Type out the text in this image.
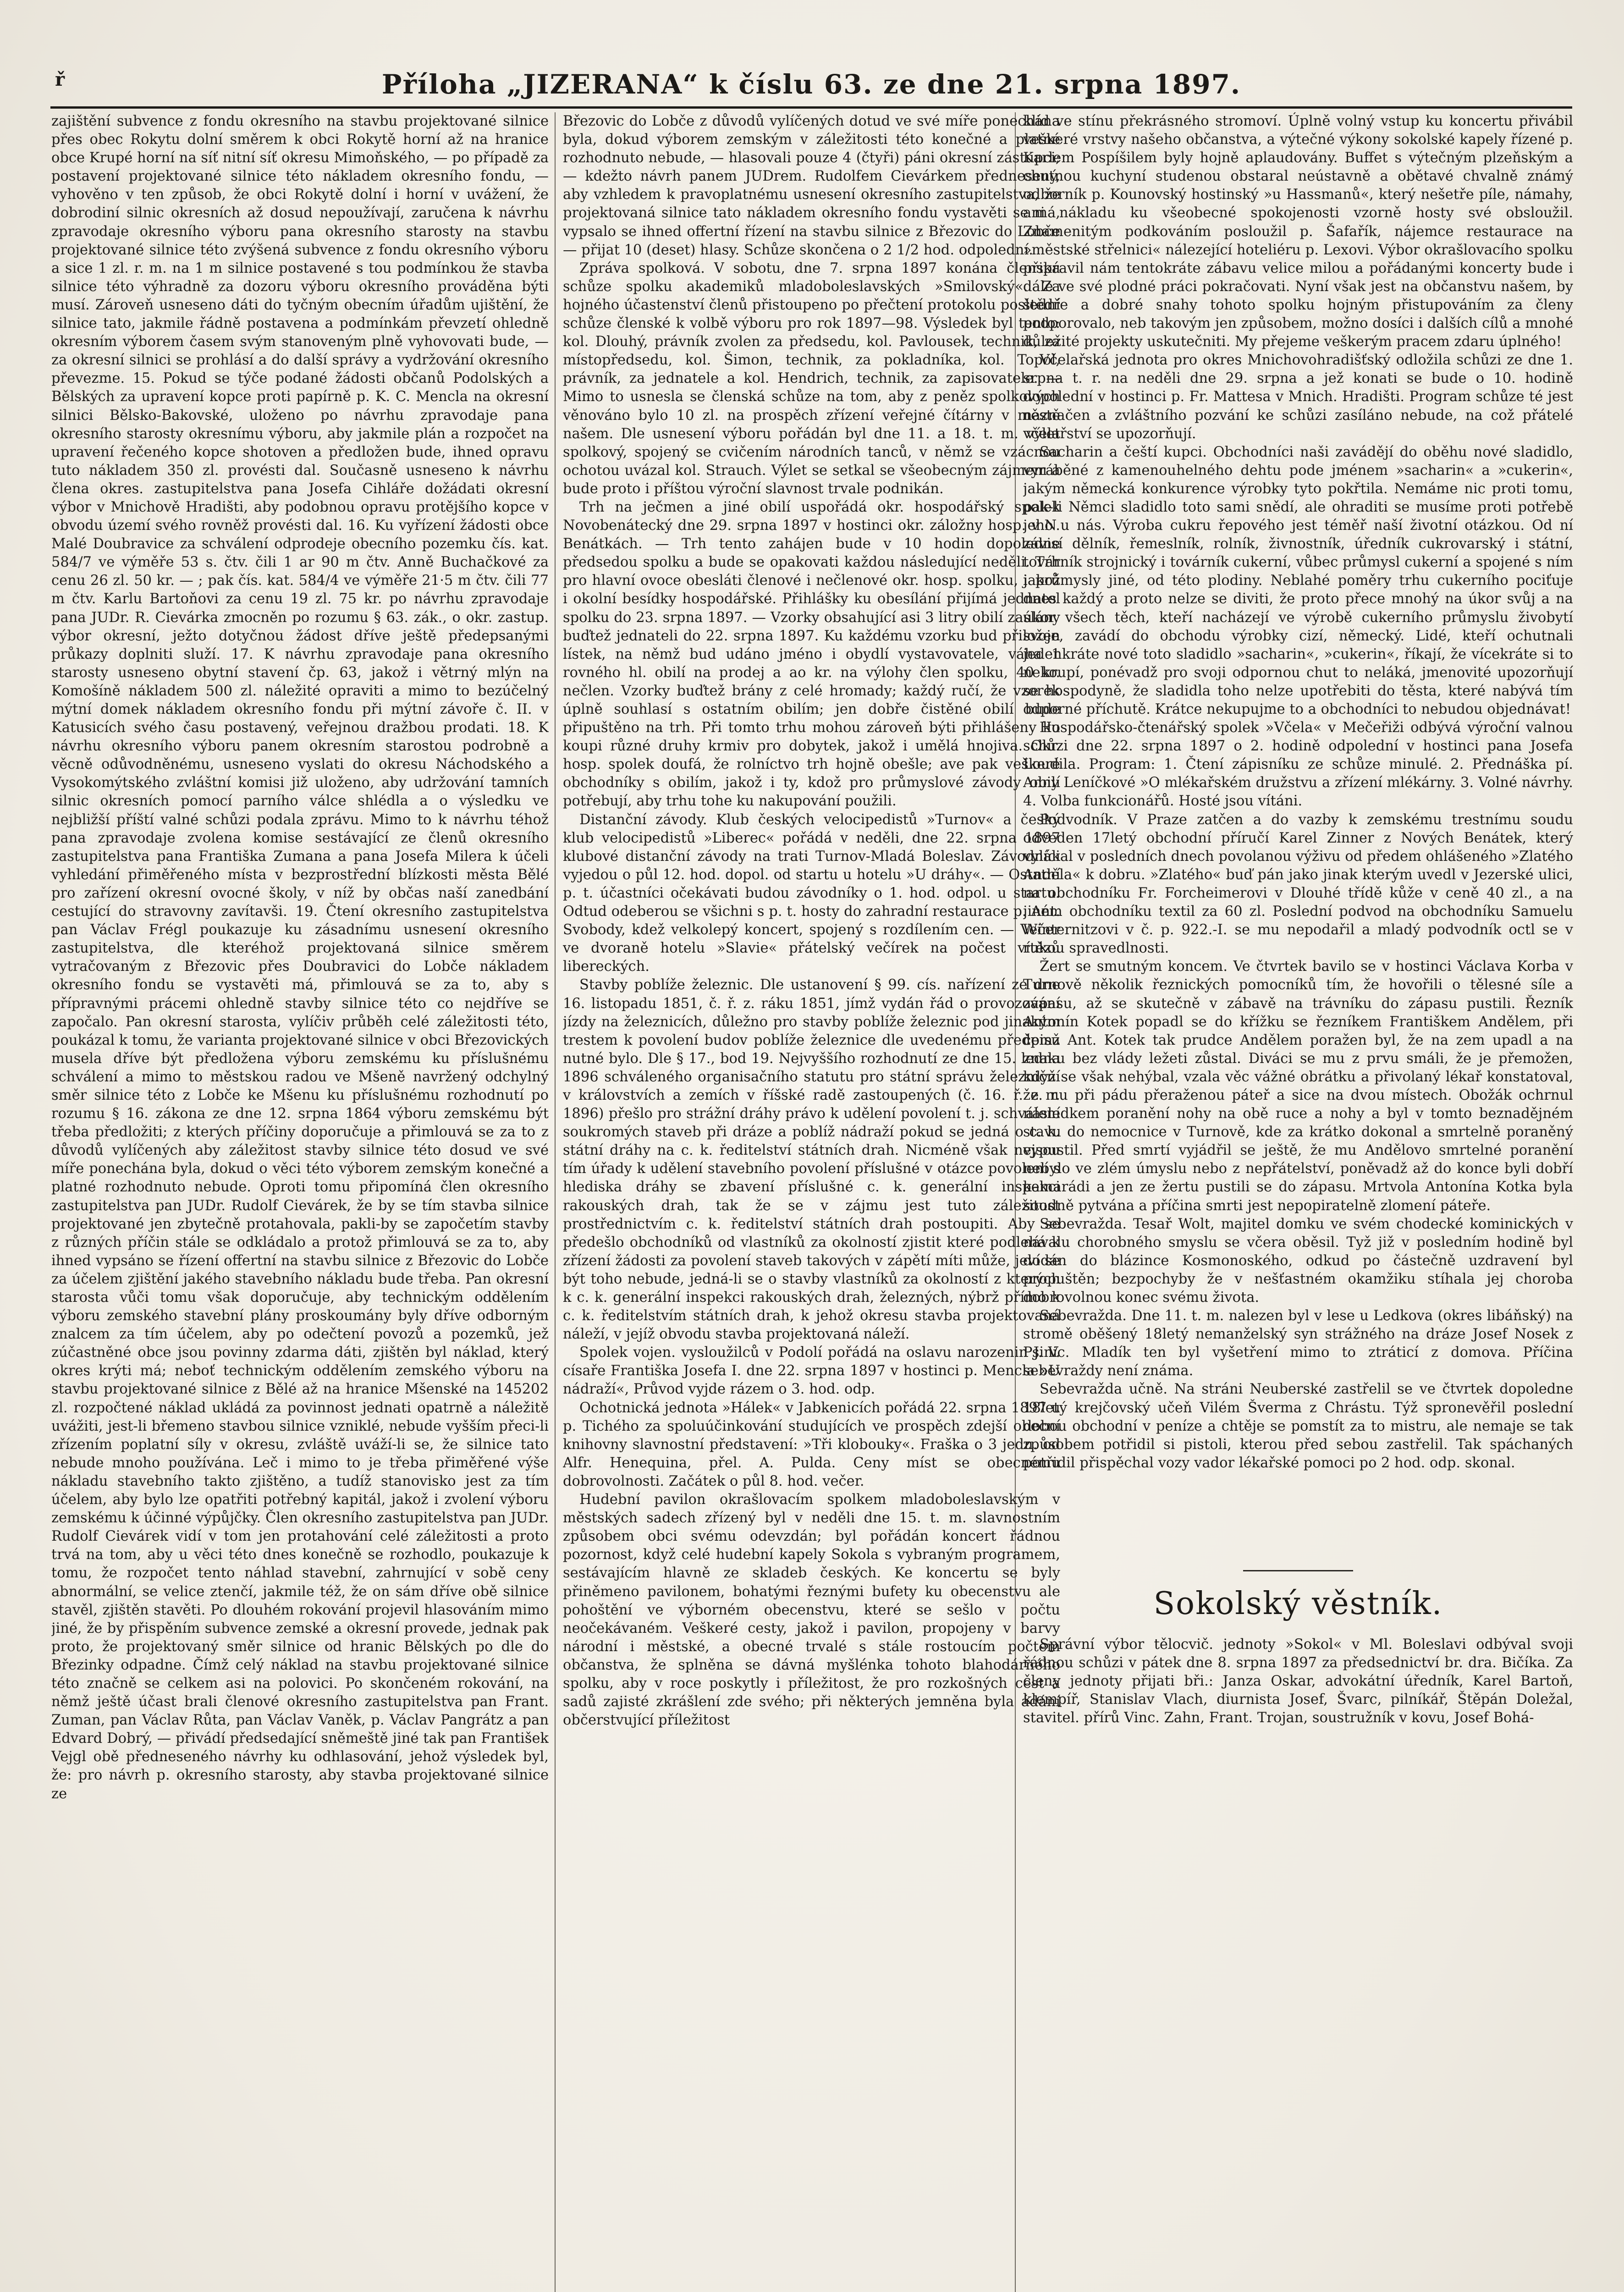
ř	Příloha „JIZERANA“ k číslu 63. ze dne 21. srpna 1897.

zajištění subvence z fondu okresního na stavbu projektované silnice přes obec Rokytu dolní směrem k obci Rokytě horní až na hranice obce Krupé horní na síť nitní síť okresu Mimoňského, — po případě za postavení projektované silnice této nákladem okresního fondu, — vyhověno v ten způsob, že obci Rokytě dolní i horní v uvážení, že dobrodiní silnic okresních až dosud nepoužívají, zaručena k návrhu zpravodaje okresního výboru pana okresního starosty na stavbu projektované silnice této zvýšená subvence z fondu okresního výboru a sice 1 zl. r. m. na 1 m silnice postavené s tou podmínkou že stavba silnice této výhradně za dozoru výboru okresního prováděna býti musí. Zároveň usneseno dáti do tyčným obecním úřadům ujištění, že silnice tato, jakmile řádně postavena a podmínkám převzetí ohledně okresním výborem časem svým stanoveným plně vyhovovati bude, — za okresní silnici se prohlásí a do další správy a vydržování okresního převezme. 15. Pokud se týče podané žádosti občanů Podolských a Bělských za upravení kopce proti papírně p. K. C. Mencla na okresní silnici Bělsko-Bakovské, uloženo po návrhu zpravodaje pana okresního starosty okresnímu výboru, aby jakmile plán a rozpočet na upravení řečeného kopce shotoven a předložen bude, ihned opravu tuto nákladem 350 zl. provésti dal. Současně usneseno k návrhu člena okres. zastupitelstva pana Josefa Cihláře dožádati okresní výbor v Mnichově Hradišti, aby podobnou opravu protějšího kopce v obvodu území svého rovněž provésti dal. 16. Ku vyřízení žádosti obce Malé Doubravice za schválení odprodeje obecního pozemku čís. kat. 584/7 ve výměře 53 s. čtv. čili 1 ar 90 m čtv. Anně Buchačkové za cenu 26 zl. 50 kr. — ; pak čís. kat. 584/4 ve výměře 21·5 m čtv. čili 77 m čtv. Karlu Bartoňovi za cenu 19 zl. 75 kr. po návrhu zpravodaje pana JUDr. R. Cievárka zmocněn po rozumu § 63. zák., o okr. zastup. výbor okresní, ježto dotyčnou žádost dříve ještě předepsanými průkazy doplniti služí. 17. K návrhu zpravodaje pana okresního starosty usneseno obytní stavení čp. 63, jakož i větrný mlýn na Komošíně nákladem 500 zl. náležité opraviti a mimo to bezúčelný mýtní domek nákladem okresního fondu při mýtní závoře č. II. v Katusicích svého času postavený, veřejnou dražbou prodati. 18. K návrhu okresního výboru panem okresním starostou podrobně a věcně odůvodněnému, usneseno vyslati do okresu Náchodského a Vysokomýtského zvláštní komisi již uloženo, aby udržování tamních silnic okresních pomocí parního válce shlédla a o výsledku ve nejbližší příští valné schůzi podala zprávu. Mimo to k návrhu téhož pana zpravodaje zvolena komise sestávající ze členů okresního zastupitelstva pana Františka Zumana a pana Josefa Milera k účeli vyhledání přiměřeného místa v bezprostřední blízkosti města Bělé pro zařízení okresní ovocné školy, v níž by občas naší zanedbání cestující do stravovny zavítavši. 19. Čtení okresního zastupitelstva pan Václav Frégl poukazuje ku zásadnímu usnesení okresního zastupitelstva, dle kteréhož projektovaná silnice směrem vytračovaným z Březovic přes Doubravici do Lobče nákladem okresního fondu se vystavěti má, přimlouvá se za to, aby s přípravnými prácemi ohledně stavby silnice této co nejdříve se započalo. Pan okresní starosta, vylíčiv průběh celé záležitosti této, poukázal k tomu, že varianta projektované silnice v obci Březovických musela dříve být předložena výboru zemskému ku příslušnému schválení a mimo to městskou radou ve Mšeně navržený odchylný směr silnice této z Lobče ke Mšenu ku příslušnému rozhodnutí po rozumu § 16. zákona ze dne 12. srpna 1864 výboru zemskému být třeba předložiti; z kterých příčiny doporučuje a přimlouvá se za to z důvodů vylíčených aby záležitost stavby silnice této dosud ve své míře ponechána byla, dokud o věci této výborem zemským konečné a platné rozhodnuto nebude. Oproti tomu připomíná člen okresního zastupitelstva pan JUDr. Rudolf Cievárek, že by se tím stavba silnice projektované jen zbytečně protahovala, pakli-by se započetím stavby z různých příčin stále se odkládalo a protož přimlouvá se za to, aby ihned vypsáno se řízení offertní na stavbu silnice z Březovic do Lobče za účelem zjištění jakého stavebního nákladu bude třeba. Pan okresní starosta vůči tomu však doporučuje, aby technickým oddělením výboru zemského stavební plány proskoumány byly dříve odborným znalcem za tím účelem, aby po odečtení povozů a pozemků, jež zúčastněné obce jsou povinny zdarma dáti, zjištěn byl náklad, který okres krýti má; neboť technickým oddělením zemského výboru na stavbu projektované silnice z Bělé až na hranice Mšenské na 145202 zl. rozpočtené náklad ukládá za povinnost jednati opatrně a náležitě uvážiti, jest-li břemeno stavbou silnice vzniklé, nebude vyšším přeci-li zřízením poplatní síly v okresu, zvláště uváží-li se, že silnice tato nebude mnoho používána. Leč i mimo to je třeba přiměřené výše nákladu stavebního takto zjištěno, a tudíž stanovisko jest za tím účelem, aby bylo lze opatřiti potřebný kapitál, jakož i zvolení výboru zemskému k účinné výpůjčky. Člen okresního zastupitelstva pan JUDr. Rudolf Cievárek vidí v tom jen protahování celé záležitosti a proto trvá na tom, aby u věci této dnes konečně se rozhodlo, poukazuje k tomu, že rozpočet tento náhlad stavební, zahrnující v sobě ceny abnormální, se velice ztenčí, jakmile též, že on sám dříve obě silnice stavěl, zjištěn stavěti. Po dlouhém rokování projevil hlasováním mimo jiné, že by přispěním subvence zemské a okresní provede, jednak pak proto, že projektovaný směr silnice od hranic Bělských po dle do Březinky odpadne. Čímž celý náklad na stavbu projektované silnice této značně se celkem asi na polovici. Po skončeném rokování, na němž ještě účast brali členové okresního zastupitelstva pan Frant. Zuman, pan Václav Růta, pan Václav Vaněk, p. Václav Pangrátz a pan Edvard Dobrý, — přivádí předsedající sněmeště jiné tak pan František Vejgl obě předneseného návrhy ku odhlasování, jehož výsledek byl, že: pro návrh p. okresního starosty, aby stavba projektované silnice ze

Březovic do Lobče z důvodů vylíčených dotud ve své míře ponechána byla, dokud výborem zemským v záležitosti této konečné a platné rozhodnuto nebude, — hlasovali pouze 4 (čtyři) páni okresní zástupci; — kdežto návrh panem JUDrem. Rudolfem Cievárkem přednesený, aby vzhledem k pravoplatnému usnesení okresního zastupitelstva, že projektovaná silnice tato nákladem okresního fondu vystavěti se má, vypsalo se ihned offertní řízení na stavbu silnice z Březovic do Lobče — přijat 10 (deset) hlasy. Schůze skončena o 2 1/2 hod. odpolední.

Zpráva spolková. V sobotu, dne 7. srpna 1897 konána členská schůze spolku akademiků mladoboleslavských »Smilovský«. Za hojného účastenství členů přistoupeno po přečtení protokolu poslední schůze členské k volbě výboru pro rok 1897—98. Výsledek byl tento: kol. Dlouhý, právník zvolen za předsedu, kol. Pavlousek, technik, za místopředsedu, kol. Šimon, technik, za pokladníka, kol. Topol, právník, za jednatele a kol. Hendrich, technik, za zapisovatele. — Mimo to usnesla se členská schůze na tom, aby z peněz spolkových věnováno bylo 10 zl. na prospěch zřízení veřejné čítárny v městě našem. Dle usnesení výboru pořádán byl dne 11. a 18. t. m. výlet spolkový, spojený se cvičením národních tanců, v němž se vzácnou ochotou uvázal kol. Strauch. Výlet se setkal se všeobecným zájmem a bude proto i příštou výroční slavnost trvale podnikán.

Trh na ječmen a jiné obilí uspořádá okr. hospodářský spolek Novobenátecký dne 29. srpna 1897 v hostinci okr. záložny hosp. v N. Benátkách. — Trh tento zahájen bude v 10 hodin dopoledne předsedou spolku a bude se opakovati každou následující neděli. Trh pro hlavní ovoce obesláti členové i nečlenové okr. hosp. spolku, jakož i okolní besídky hospodářské. Přihlášky ku obesílání přijímá jednatel spolku do 23. srpna 1897. — Vzorky obsahující asi 3 litry obilí zaslány buďtež jednateli do 22. srpna 1897. Ku každému vzorku bud přiložen lístek, na němž bud udáno jméno i obydlí vystavovatele, váha 1 rovného hl. obilí na prodej a ao kr. na výlohy člen spolku, 40 kr. nečlen. Vzorky buďtež brány z celé hromady; každý ručí, že vzorek úplně souhlasí s ostatním obilím; jen dobře čistěné obilí bude připuštěno na trh. Při tomto trhu mohou zároveň býti přihlášeny ku koupi různé druhy krmiv pro dobytek, jakož i umělá hnojiva. Okr. hosp. spolek doufá, že rolníctvo trh hojně obešle; ave pak veškeré obchodníky s obilím, jakož i ty, kdož pro průmyslové závody obilí potřebují, aby trhu tohe ku nakupování použili.

Distanční závody. Klub českých velocipedistů »Turnov« a český klub velocipedistů »Liberec« pořádá v neděli, dne 22. srpna 1897 klubové distanční závody na trati Turnov-Mladá Boleslav. Závodníci vyjedou o půl 12. hod. dopol. od startu u hotelu »U dráhy«. — Ostatní p. t. účastníci očekávati budou závodníky o 1. hod. odpol. u startu. Odtud odeberou se všichni s p. t. hosty do zahradní restaurace p. Ant. Svobody, kdež velkolepý koncert, spojený s rozdílením cen. — Večer ve dvoraně hotelu »Slavie« přátelský večírek na počest vítězů libereckých.

Stavby poblíže železnic. Dle ustanovení § 99. cís. nařízení ze dne 16. listopadu 1851, č. ř. z. ráku 1851, jímž vydán řád o provozování jízdy na železnicích, důležno pro stavby poblíže železnic pod jinakým trestem k povolení budov poblíže železnice dle uvedenému předpisu nutné bylo. Dle § 17., bod 19. Nejvyššího rozhodnutí ze dne 15. ledna 1896 schváleného organisačního statutu pro státní správu železniční v královstvích a zemích v říšské radě zastoupených (č. 16. ř. z. r. 1896) přešlo pro strážní dráhy právo k udělení povolení t. j. schválení soukromých staveb při dráze a poblíž nádraží pokud se jedná o c. k. státní dráhy na c. k. ředitelství státních drah. Nicméně však nejsou tím úřady k udělení stavebního povolení příslušné v otázce povolení s hlediska dráhy se zbavení příslušné c. k. generální inspekci rakouských drah, tak že se v zájmu jest tuto záležitost prostřednictvím c. k. ředitelství státních drah postoupiti. Aby se předešlo obchodníků od vlastníků za okolností zjistit které podlehá k zřízení žádosti za povolení staveb takových v zápětí míti může, jeví se být toho nebude, jedná-li se o stavby vlastníků za okolností z kterých k c. k. generální inspekci rakouských drah, železných, nýbrž přímo k c. k. ředitelstvím státních drah, k jehož okresu stavba projektovaná náleží, v jejíž obvodu stavba projektovaná náleží.

Spolek vojen. vysloužilců v Podolí pořádá na oslavu narozenin J. V. císaře Františka Josefa I. dne 22. srpna 1897 v hostinci p. Mencla »U nádraží«, Průvod vyjde rázem o 3. hod. odp.

Ochotnická jednota »Hálek« v Jabkenicích pořádá 22. srpna 1897 u p. Tichého za spoluúčinkování studujících ve prospěch zdejší obecní knihovny slavnostní představení: »Tři klobouky«. Fraška o 3 jedn. od Alfr. Henequina, přel. A. Pulda. Ceny míst se obecnému dobrovolnosti. Začátek o půl 8. hod. večer.

Hudební pavilon okrašlovacím spolkem mladoboleslavským v městských sadech zřízený byl v neděli dne 15. t. m. slavnostním způsobem obci svému odevzdán; byl pořádán koncert řádnou pozornost, když celé hudební kapely Sokola s vybraným programem, sestávajícím hlavně ze skladeb českých. Ke koncertu se byly přiněmeno pavilonem, bohatými řeznými bufety ku obecenstvu ale pohoštění ve výborném obecenstvu, které se sešlo v počtu neočekávaném. Veškeré cesty, jakož i pavilon, propojeny v barvy národní i městské, a obecné trvalé s stále rostoucím počtem občanstva, že splněna se dávná myšlénka tohoto blahodárného spolku, aby v roce poskytly i příležitost, že pro rozkošných cest a sadů zajisté zkrášlení zde svého; při některých jemněna byla ádání občerstvující příležitost

klid ve stínu překrásného stromoví. Úplně volný vstup ku koncertu přivábil veškeré vrstvy našeho občanstva, a výtečné výkony sokolské kapely řízené p. Karlem Pospíšilem byly hojně aplaudovány. Buffet s výtečným plzeňským a chutnou kuchyní studenou obstaral neústavně a obětavé chvalně známý odborník p. Kounovský hostinský »u Hassmanů«, který nešetře píle, námahy, ani nákladu ku všeobecné spokojenosti vzorně hosty své obsloužil. Znamenitým podkováním posloužil p. Šafařík, nájemce restaurace na »městské střelnici« nálezející hoteliéru p. Lexovi. Výbor okrašlovacího spolku připravil nám tentokráte zábavu velice milou a pořádanými koncerty bude i dále ve své plodné práci pokračovati. Nyní však jest na občanstvu našem, by štědře a dobré snahy tohoto spolku hojným přistupováním za členy podporovalo, neb takovým jen způsobem, možno dosíci i dalších cílů a mnohé důležité projekty uskutečniti. My přejeme veškerým pracem zdaru úplného!

Včelařská jednota pro okres Mnichovohradišťský odložila schůzi ze dne 1. srpna t. r. na neděli dne 29. srpna a jež konati se bude o 10. hodině dopolední v hostinci p. Fr. Mattesa v Mnich. Hradišti. Program schůze té jest naznačen a zvláštního pozvání ke schůzi zasíláno nebude, na což přátelé včelařství se upozorňují.

Sacharin a čeští kupci. Obchodníci naši zavádějí do oběhu nové sladidlo, vyráběné z kamenouhelného dehtu pode jménem »sacharin« a »cukerin«, jakým německá konkurence výrobky tyto pokřtila. Nemáme nic proti tomu, pak-li Němci sladidlo toto sami snědí, ale ohraditi se musíme proti potřebě jeho u nás. Výroba cukru řepového jest téměř naší životní otázkou. Od ní závisí dělník, řemeslník, rolník, živnostník, úředník cukrovarský i státní, továrník strojnický i továrník cukerní, vůbec průmysl cukerní a spojené s ním i průmysly jiné, od této plodiny. Neblahé poměry trhu cukerního pociťuje dnes každý a proto nelze se diviti, že proto přece mnohý na úkor svůj a na úkor všech těch, kteří nacházejí ve výrobě cukerního průmyslu živobytí svoje, zavádí do obchodu výrobky cizí, německý. Lidé, kteří ochutnali jedenkráte nové toto sladidlo »sacharin«, »cukerin«, říkají, že vícekráte si to nekoupí, ponévadž pro svoji odpornou chut to neláká, jmenovité upozorňují se hospodyně, že sladidla toho nelze upotřebiti do těsta, které nabývá tím odporné příchutě. Krátce nekupujme to a obchodníci to nebudou objednávat!

Hospodářsko-čtenářský spolek »Včela« v Mečeřiži odbývá výroční valnou schůzi dne 22. srpna 1897 o 2. hodině odpolední v hostinci pana Josefa Loudila. Program: 1. Čtení zápisníku ze schůze minulé. 2. Přednáška pí. Anny Leníčkové »O mlékařském družstvu a zřízení mlékárny. 3. Volné návrhy. 4. Volba funkcionářů. Hosté jsou vítáni.

Podvodník. V Praze zatčen a do vazby k zemskému trestnímu soudu odveden 17letý obchodní příručí Karel Zinner z Nových Benátek, který vylákal v posledních dnech povolanou výživu od předem ohlášeného »Zlatého Anděla« k dobru. »Zlatého« buď pán jako jinak kterým uvedl v Jezerské ulici, na obchodníku Fr. Forcheimerovi v Dlouhé třídě kůže v ceně 40 zl., a na jiném obchodníku textil za 60 zl. Poslední podvod na obchodníku Samuelu Winternitzovi v č. p. 922.-I. se mu nepodařil a mladý podvodník octl se v rukou spravedlnosti.

Žert se smutným koncem. Ve čtvrtek bavilo se v hostinci Václava Korba v Turnově několik řeznických pomocníků tím, že hovořili o tělesné síle a zápasu, až se skutečně v zábavě na trávníku do zápasu pustili. Řezník Antonín Kotek popadl se do křížku se řezníkem Františkem Andělem, při čemž Ant. Kotek tak prudce Andělem poražen byl, že na zem upadl a na znaku bez vlády ležeti zůstal. Diváci se mu z prvu smáli, že je přemožen, když se však nehýbal, vzala věc vážné obrátku a přivolaný lékař konstatoval, že mu při pádu přeraženou páteř a sice na dvou místech. Obožák ochrnul následkem poranění nohy na obě ruce a nohy a byl v tomto beznadějném stavu do nemocnice v Turnově, kde za krátko dokonal a smrtelně poraněný vypustil. Před smrtí vyjádřil se ještě, že mu Andělovo smrtelné poranění nebylo ve zlém úmyslu nebo z nepřátelství, poněvadž až do konce byli dobří kamarádi a jen ze žertu pustili se do zápasu. Mrtvola Antonína Kotka byla soudně pytvána a příčina smrti jest nepopiratelně zlomení páteře.

Sebevražda. Tesař Wolt, majitel domku ve svém chodecké kominických v návalu chorobného smyslu se včera oběsil. Tyž již v posledním hodině byl dodán do blázince Kosmonoského, odkud po částečně uzdravení byl propuštěn; bezpochyby že v nešťastném okamžiku stíhala jej choroba dobrovolnou konec svému života.

Sebevražda. Dne 11. t. m. nalezen byl v lese u Ledkova (okres libáňský) na stromě oběšený 18letý nemanželský syn strážného na dráze Josef Nosek z Psinic. Mladík ten byl vyšetření mimo to ztráticí z domova. Příčina sebevraždy není známa.

Sebevražda učně. Na stráni Neuberské zastřelil se ve čtvrtek dopoledne 18letý krejčovský učeň Vilém Šverma z Chrástu. Týž spronevěřil poslední dobou obchodní v peníze a chtěje se pomstít za to mistru, ale nemaje se tak způsobem potřidil si pistoli, kterou před sebou zastřelil. Tak spáchaných potřidil přispěchal vozy vador lékařské pomoci po 2 hod. odp. skonal.

Sokolský věstník.

Správní výbor tělocvič. jednoty »Sokol« v Ml. Boleslavi odbýval svoji řádnou schůzi v pátek dne 8. srpna 1897 za předsednictví br. dra. Bičíka. Za členy jednoty přijati bři.: Janza Oskar, advokátní úředník, Karel Bartoň, klempíř, Stanislav Vlach, diurnista Josef, Švarc, pilníkář, Štěpán Doležal, stavitel. přírů Vinc. Zahn, Frant. Trojan, soustružník v kovu, Josef Bohá-
